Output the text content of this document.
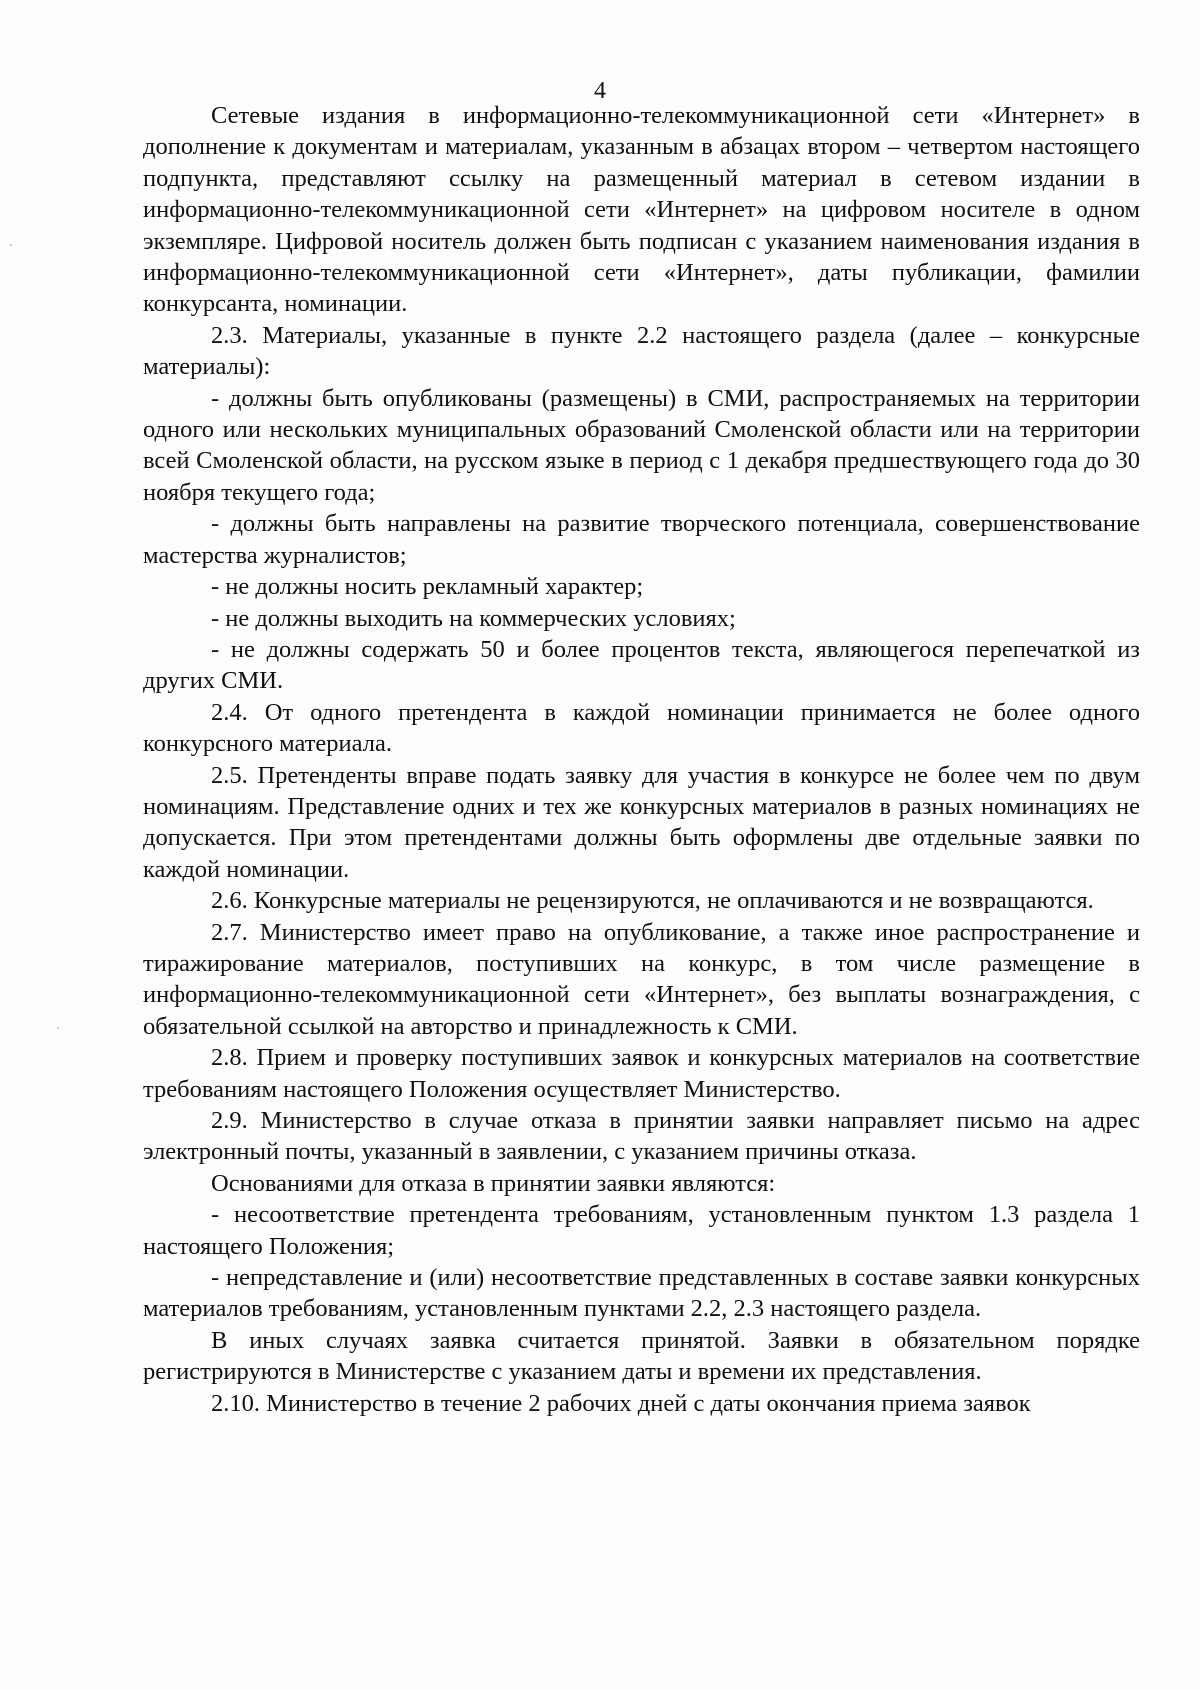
4

Сетевые издания в информационно-телекоммуникационной сети «Интернет» в дополнение к документам и материалам, указанным в абзацах втором – четвертом настоящего подпункта, представляют ссылку на размещенный материал в сетевом издании в информационно-телекоммуникационной сети «Интернет» на цифровом носителе в одном экземпляре. Цифровой носитель должен быть подписан с указанием наименования издания в информационно-телекоммуникационной сети «Интернет», даты публикации, фамилии конкурсанта, номинации.

2.3. Материалы, указанные в пункте 2.2 настоящего раздела (далее – конкурсные материалы):

- должны быть опубликованы (размещены) в СМИ, распространяемых на территории одного или нескольких муниципальных образований Смоленской области или на территории всей Смоленской области, на русском языке в период с 1 декабря предшествующего года до 30 ноября текущего года;

- должны быть направлены на развитие творческого потенциала, совершенствование мастерства журналистов;

- не должны носить рекламный характер;

- не должны выходить на коммерческих условиях;

- не должны содержать 50 и более процентов текста, являющегося перепечаткой из других СМИ.

2.4. От одного претендента в каждой номинации принимается не более одного конкурсного материала.

2.5. Претенденты вправе подать заявку для участия в конкурсе не более чем по двум номинациям. Представление одних и тех же конкурсных материалов в разных номинациях не допускается. При этом претендентами должны быть оформлены две отдельные заявки по каждой номинации.

2.6. Конкурсные материалы не рецензируются, не оплачиваются и не возвращаются.

2.7. Министерство имеет право на опубликование, а также иное распространение и тиражирование материалов, поступивших на конкурс, в том числе размещение в информационно-телекоммуникационной сети «Интернет», без выплаты вознаграждения, с обязательной ссылкой на авторство и принадлежность к СМИ.

2.8. Прием и проверку поступивших заявок и конкурсных материалов на соответствие требованиям настоящего Положения осуществляет Министерство.

2.9. Министерство в случае отказа в принятии заявки направляет письмо на адрес электронный почты, указанный в заявлении, с указанием причины отказа.

Основаниями для отказа в принятии заявки являются:

- несоответствие претендента требованиям, установленным пунктом 1.3 раздела 1 настоящего Положения;

- непредставление и (или) несоответствие представленных в составе заявки конкурсных материалов требованиям, установленным пунктами 2.2, 2.3 настоящего раздела.

В иных случаях заявка считается принятой. Заявки в обязательном порядке регистрируются в Министерстве с указанием даты и времени их представления.

2.10. Министерство в течение 2 рабочих дней с даты окончания приема заявок
